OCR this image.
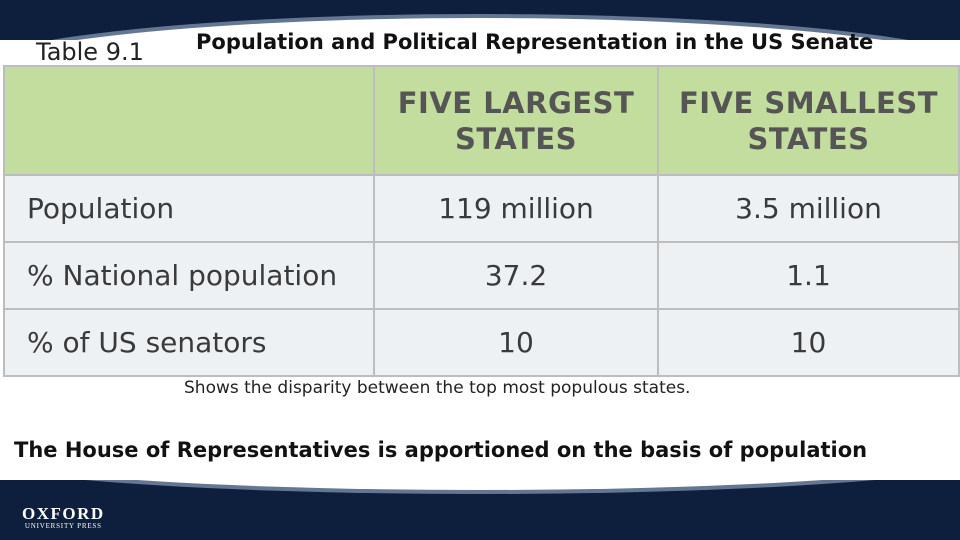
Table 9.1 Population and Political Representation in the US Senate
	FIVE LARGEST STATES	FIVE SMALLEST STATES
Population	119 million	3.5 million
% National population	37.2	1.1
% of US senators	10	10
Shows the disparity between the top most populous states.
The House of Representatives is apportioned on the basis of population
OXFORD
UNIVERSITY PRESS
